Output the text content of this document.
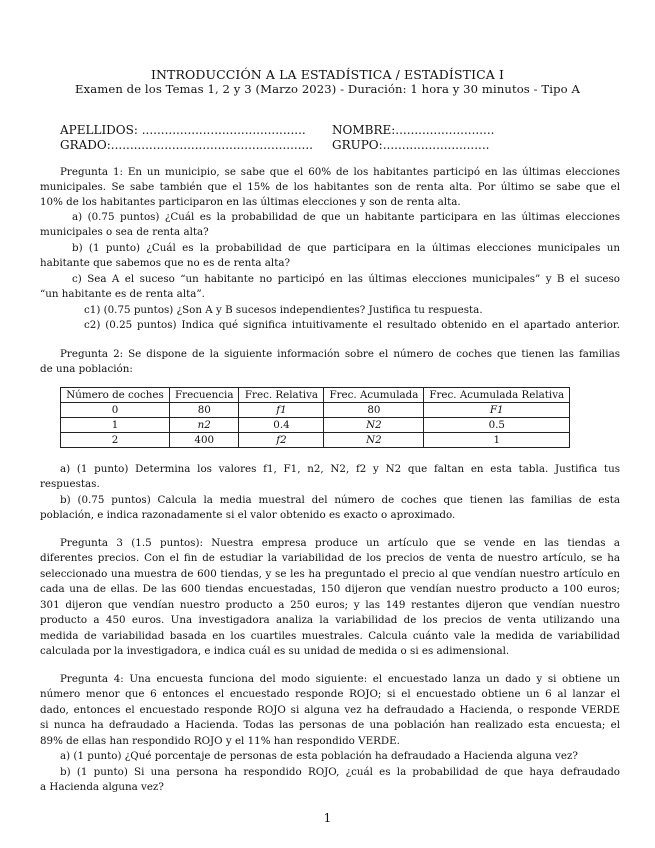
INTRODUCCIÓN A LA ESTADÍSTICA / ESTADÍSTICA I
Examen de los Temas 1, 2 y 3 (Marzo 2023) - Duración: 1 hora y 30 minutos - Tipo A
APELLIDOS: ........................................... NOMBRE:..........................
GRADO:..................................................... GRUPO:............................
Pregunta 1: En un municipio, se sabe que el 60% de los habitantes participó en las últimas elecciones
municipales. Se sabe también que el 15% de los habitantes son de renta alta. Por último se sabe que el
10% de los habitantes participaron en las últimas elecciones y son de renta alta.
a) (0.75 puntos) ¿Cuál es la probabilidad de que un habitante participara en las últimas elecciones
municipales o sea de renta alta?
b) (1 punto) ¿Cuál es la probabilidad de que participara en la últimas elecciones municipales un
habitante que sabemos que no es de renta alta?
c) Sea A el suceso “un habitante no participó en las últimas elecciones municipales” y B el suceso
“un habitante es de renta alta”.
c1) (0.75 puntos) ¿Son A y B sucesos independientes? Justifica tu respuesta.
c2) (0.25 puntos) Indica qué significa intuitivamente el resultado obtenido en el apartado anterior.
Pregunta 2: Se dispone de la siguiente información sobre el número de coches que tienen las familias
de una población:
Número de coches	Frecuencia	Frec. Relativa	Frec. Acumulada	Frec. Acumulada Relativa
0	80	f1	80	F1
1	n2	0.4	N2	0.5
2	400	f2	N2	1
a) (1 punto) Determina los valores f1, F1, n2, N2, f2 y N2 que faltan en esta tabla. Justifica tus
respuestas.
b) (0.75 puntos) Calcula la media muestral del número de coches que tienen las familias de esta
población, e indica razonadamente si el valor obtenido es exacto o aproximado.
Pregunta 3 (1.5 puntos): Nuestra empresa produce un artículo que se vende en las tiendas a
diferentes precios. Con el fin de estudiar la variabilidad de los precios de venta de nuestro artículo, se ha
seleccionado una muestra de 600 tiendas, y se les ha preguntado el precio al que vendían nuestro artículo en
cada una de ellas. De las 600 tiendas encuestadas, 150 dijeron que vendían nuestro producto a 100 euros;
301 dijeron que vendían nuestro producto a 250 euros; y las 149 restantes dijeron que vendían nuestro
producto a 450 euros. Una investigadora analiza la variabilidad de los precios de venta utilizando una
medida de variabilidad basada en los cuartiles muestrales. Calcula cuánto vale la medida de variabilidad
calculada por la investigadora, e indica cuál es su unidad de medida o si es adimensional.
Pregunta 4: Una encuesta funciona del modo siguiente: el encuestado lanza un dado y si obtiene un
número menor que 6 entonces el encuestado responde ROJO; si el encuestado obtiene un 6 al lanzar el
dado, entonces el encuestado responde ROJO si alguna vez ha defraudado a Hacienda, o responde VERDE
si nunca ha defraudado a Hacienda. Todas las personas de una población han realizado esta encuesta; el
89% de ellas han respondido ROJO y el 11% han respondido VERDE.
a) (1 punto) ¿Qué porcentaje de personas de esta población ha defraudado a Hacienda alguna vez?
b) (1 punto) Si una persona ha respondido ROJO, ¿cuál es la probabilidad de que haya defraudado
a Hacienda alguna vez?
1
